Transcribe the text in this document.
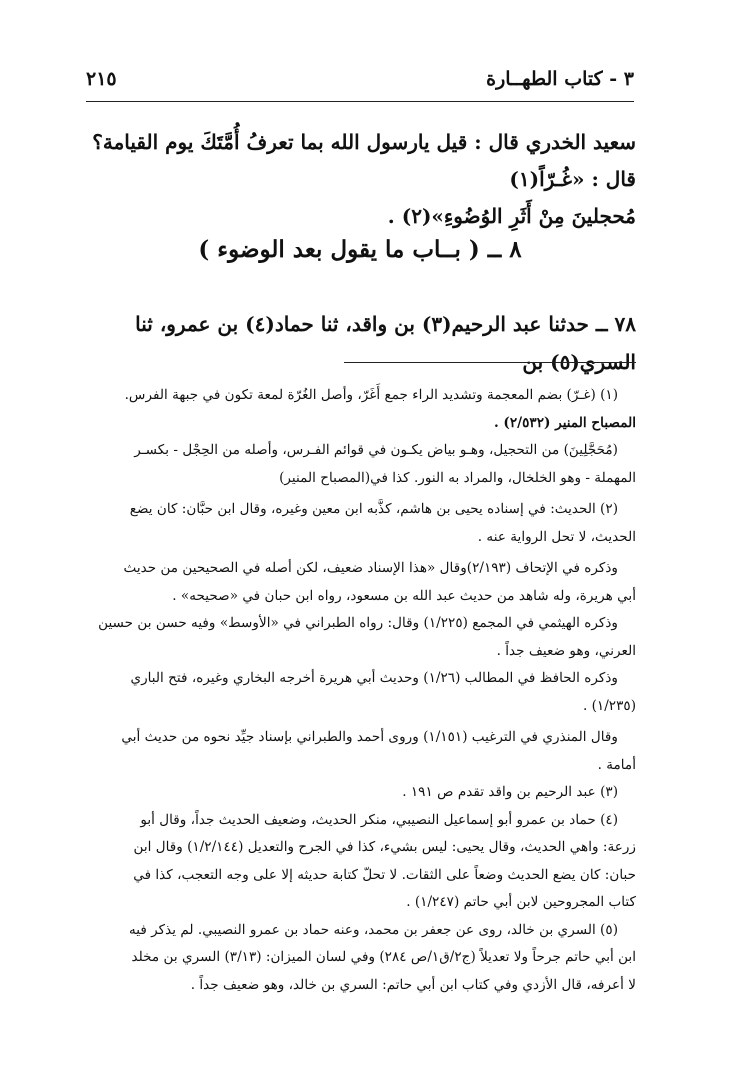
٣ - كتاب الطهــارة
٢١٥
سعيد الخدري قال : قيل يارسول الله بما تعرفُ أُمَّتَكَ يوم القيامة؟ قال : «غُـرّاً(١)
مُحجلينَ مِنْ أَثَرِ الوُضُوءِ»(٢) .
٨ ــ ( بــاب ما يقول بعد الوضوء )
٧٨ ــ حدثنا عبد الرحيم(٣) بن واقد، ثنا حماد(٤) بن عمرو، ثنا السري(٥) بن

(١) (غـرّ) بضم المعجمة وتشديد الراء جمع أَغَرّ، وأصل الغُرّة لمعة تكون في جبهة الفرس.

المصباح المنير (٢/٥٣٢) .

(مُحَجَّلِينَ) من التحجيل، وهـو بياض يكـون في قوائم الفـرس، وأصله من الحِجْل - بكسـر

المهملة - وهو الخلخال، والمراد به النور. كذا في(المصباح المنير)

(٢) الحديث: في إسناده يحيى بن هاشم، كذَّبه ابن معين وغيره، وقال ابن حبَّان: كان يضع

الحديث، لا تحل الرواية عنه .

وذكره في الإتحاف (٢/١٩٣)وقال «هذا الإسناد ضعيف، لكن أصله في الصحيحين من حديث

أبي هريرة، وله شاهد من حديث عبد الله بن مسعود، رواه ابن حبان في «صحيحه» .

وذكره الهيثمي في المجمع (١/٢٢٥) وقال: رواه الطبراني في «الأوسط» وفيه حسن بن حسين

العرني، وهو ضعيف جداً .

وذكره الحافظ في المطالب (١/٢٦) وحديث أبي هريرة أخرجه البخاري وغيره، فتح الباري

(١/٢٣٥) .

وقال المنذري في الترغيب (١/١٥١) وروى أحمد والطبراني بإسناد جيِّد نحوه من حديث أبي

أمامة .

(٣) عبد الرحيم بن واقد تقدم ص ١٩١ .

(٤) حماد بن عمرو أبو إسماعيل النصيبي، منكر الحديث، وضعيف الحديث جداً، وقال أبو

زرعة: واهي الحديث، وقال يحيى: ليس بشيء، كذا في الجرح والتعديل (١/٢/١٤٤) وقال ابن

حبان: كان يضع الحديث وضعاً على الثقات. لا تحلّ كتابة حديثه إلا على وجه التعجب، كذا في

كتاب المجروحين لابن أبي حاتم (١/٢٤٧) .

(٥) السري بن خالد، روى عن جعفر بن محمد، وعنه حماد بن عمرو النصيبي. لم يذكر فيه

ابن أبي حاتم جرحاً ولا تعديلاً (ج٢/ق١/ص ٢٨٤) وفي لسان الميزان: (٣/١٣) السري بن مخلد

لا أعرفه، قال الأزدي وفي كتاب ابن أبي حاتم: السري بن خالد، وهو ضعيف جداً .
